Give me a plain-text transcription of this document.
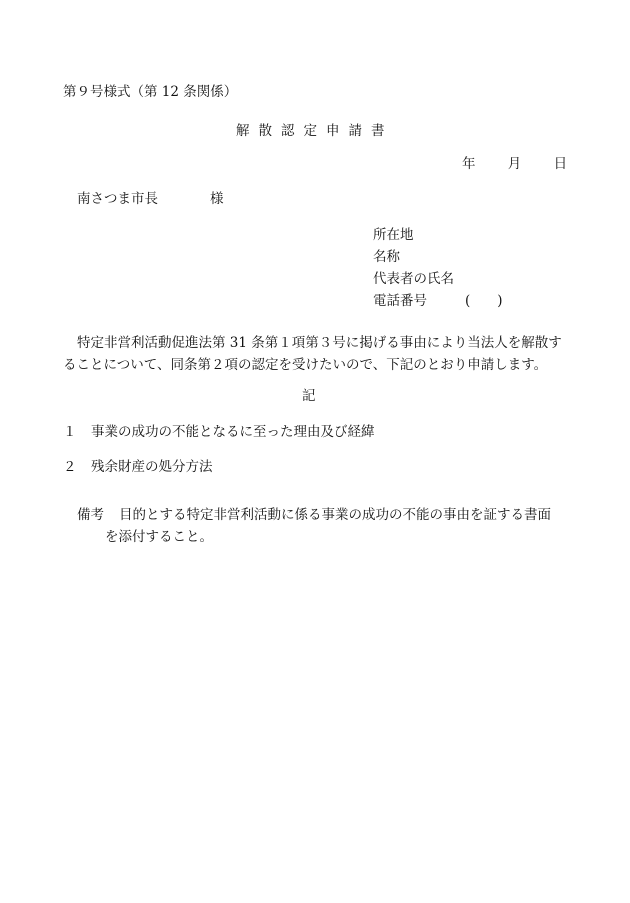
第９号様式（第 12 条関係）
解散認定申請書
年 月 日
南さつま市長	様
所在地
名称
代表者の氏名
電話番号	(　　)
特定非営利活動促進法第 31 条第１項第３号に掲げる事由により当法人を解散す
ることについて、同条第２項の認定を受けたいので、下記のとおり申請します。
記
１ 事業の成功の不能となるに至った理由及び経緯
２ 残余財産の処分方法
備考 目的とする特定非営利活動に係る事業の成功の不能の事由を証する書面
を添付すること。
